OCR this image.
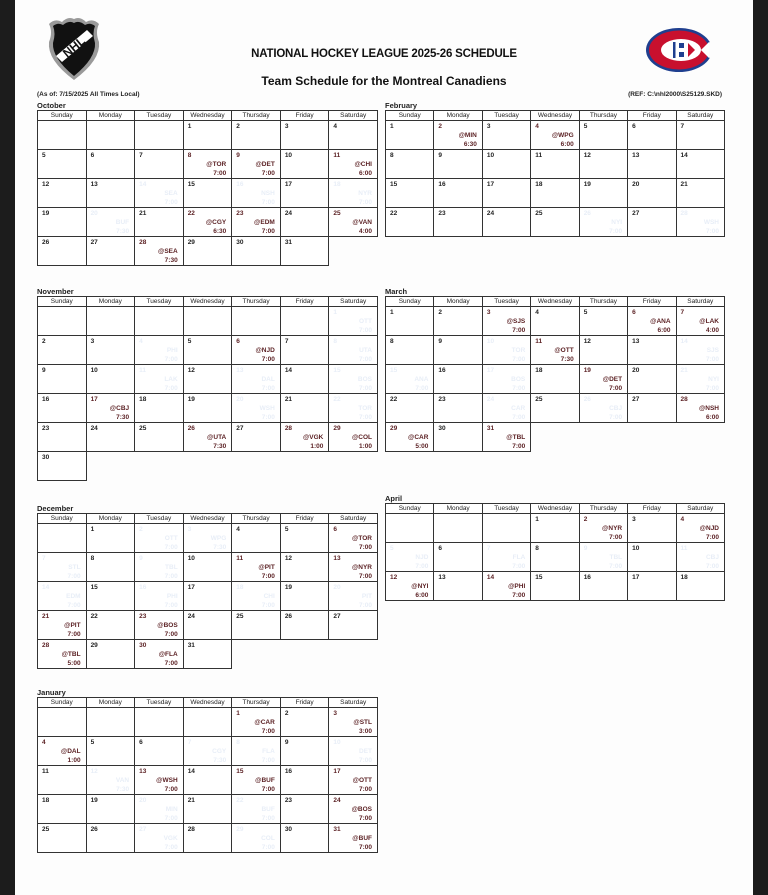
NHL	NATIONAL HOCKEY LEAGUE 2025-26 SCHEDULE
Team Schedule for the Montreal Canadiens
(As of: 7/15/2025 All Times Local)	(REF: C:\nhl2000\S25129.SKD)
October
Sunday	Monday	Tuesday	Wednesday	Thursday	Friday	Saturday

			1	2	3	4

5	6	7	8
@TOR
7:00	9
@DET
7:00	10	11
@CHI
6:00

12	13	14
SEA
7:00	15	16
NSH
7:00	17	18
NYR
7:00

19	20
BUF
7:30	21	22
@CGY
6:30	23
@EDM
7:00	24	25
@VAN
4:00

26	27	28
@SEA
7:30	29	30	31	

November
Sunday	Monday	Tuesday	Wednesday	Thursday	Friday	Saturday

						1
OTT
7:00

2	3	4
PHI
7:00	5	6
@NJD
7:00	7	8
UTA
7:00

9	10	11
LAK
7:00	12	13
DAL
7:00	14	15
BOS
7:00

16	17
@CBJ
7:30	18	19	20
WSH
7:00	21	22
TOR
7:00

23	24	25	26
@UTA
7:30	27	28
@VGK
1:00	29
@COL
1:00

30						

December
Sunday	Monday	Tuesday	Wednesday	Thursday	Friday	Saturday

	1	2
OTT
7:00	3
WPG
7:30	4	5	6
@TOR
7:00

7
STL
7:00	8	9
TBL
7:00	10	11
@PIT
7:00	12	13
@NYR
7:00

14
EDM
7:00	15	16
PHI
7:00	17	18
CHI
7:00	19	20
PIT
7:00

21
@PIT
7:00	22	23
@BOS
7:00	24	25	26	27

28
@TBL
5:00	29	30
@FLA
7:00	31			

January
Sunday	Monday	Tuesday	Wednesday	Thursday	Friday	Saturday

				1
@CAR
7:00	2	3
@STL
3:00

4
@DAL
1:00	5	6	7
CGY
7:30	8
FLA
7:00	9	10
DET
7:00

11	12
VAN
7:30	13
@WSH
7:00	14	15
@BUF
7:00	16	17
@OTT
7:00

18	19	20
MIN
7:00	21	22
BUF
7:00	23	24
@BOS
7:00

25	26	27
VGK
7:00	28	29
COL
7:00	30	31
@BUF
7:00
February
Sunday	Monday	Tuesday	Wednesday	Thursday	Friday	Saturday

1	2
@MIN
6:30	3	4
@WPG
6:00	5	6	7

8	9	10	11	12	13	14

15	16	17	18	19	20	21

22	23	24	25	26
NYI
7:00	27	28
WSH
7:00
March
Sunday	Monday	Tuesday	Wednesday	Thursday	Friday	Saturday

1	2	3
@SJS
7:00	4	5	6
@ANA
6:00	7
@LAK
4:00

8	9	10
TOR
7:00	11
@OTT
7:30	12	13	14
SJS
7:00

15
ANA
7:00	16	17
BOS
7:00	18	19
@DET
7:00	20	21
NYI
7:00

22	23	24
CAR
7:00	25	26
CBJ
7:00	27	28
@NSH
6:00

29
@CAR
5:00	30	31
@TBL
7:00				

April
Sunday	Monday	Tuesday	Wednesday	Thursday	Friday	Saturday

			1	2
@NYR
7:00	3	4
@NJD
7:00

5
NJD
7:00	6	7
FLA
7:00	8	9
TBL
7:00	10	11
CBJ
7:00

12
@NYI
6:00	13	14
@PHI
7:00	15	16	17	18
